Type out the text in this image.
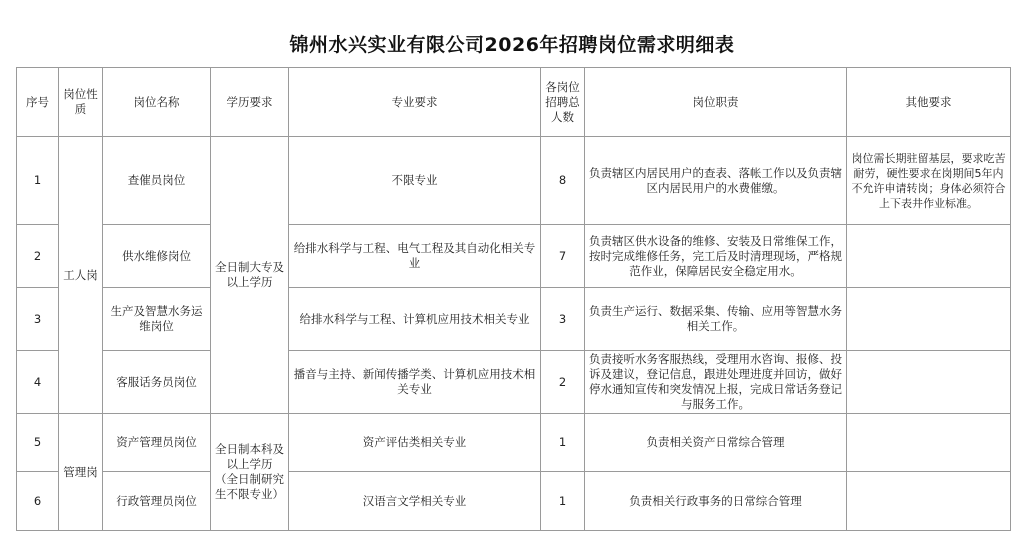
锦州水兴实业有限公司2026年招聘岗位需求明细表
序号	岗位性质	岗位名称	学历要求	专业要求	各岗位招聘总人数	岗位职责	其他要求
1	工人岗	查催员岗位	全日制大专及以上学历	不限专业	8	负责辖区内居民用户的查表、落帐工作以及负责辖区内居民用户的水费催缴。	岗位需长期驻留基层，要求吃苦耐劳，硬性要求在岗期间5年内不允许申请转岗；身体必须符合上下表井作业标准。
2		供水维修岗位		给排水科学与工程、电气工程及其自动化相关专业	7	负责辖区供水设备的维修、安装及日常维保工作，按时完成维修任务，完工后及时清理现场，严格规范作业，保障居民安全稳定用水。	
3		生产及智慧水务运维岗位		给排水科学与工程、计算机应用技术相关专业	3	负责生产运行、数据采集、传输、应用等智慧水务相关工作。	
4		客服话务员岗位		播音与主持、新闻传播学类、计算机应用技术相关专业	2	负责接听水务客服热线，受理用水咨询、报修、投诉及建议，登记信息，跟进处理进度并回访，做好停水通知宣传和突发情况上报，完成日常话务登记与服务工作。	
5	管理岗	资产管理员岗位	全日制本科及以上学历　（全日制研究生不限专业）	资产评估类相关专业	1	负责相关资产日常综合管理	
6		行政管理员岗位		汉语言文学相关专业	1	负责相关行政事务的日常综合管理	
